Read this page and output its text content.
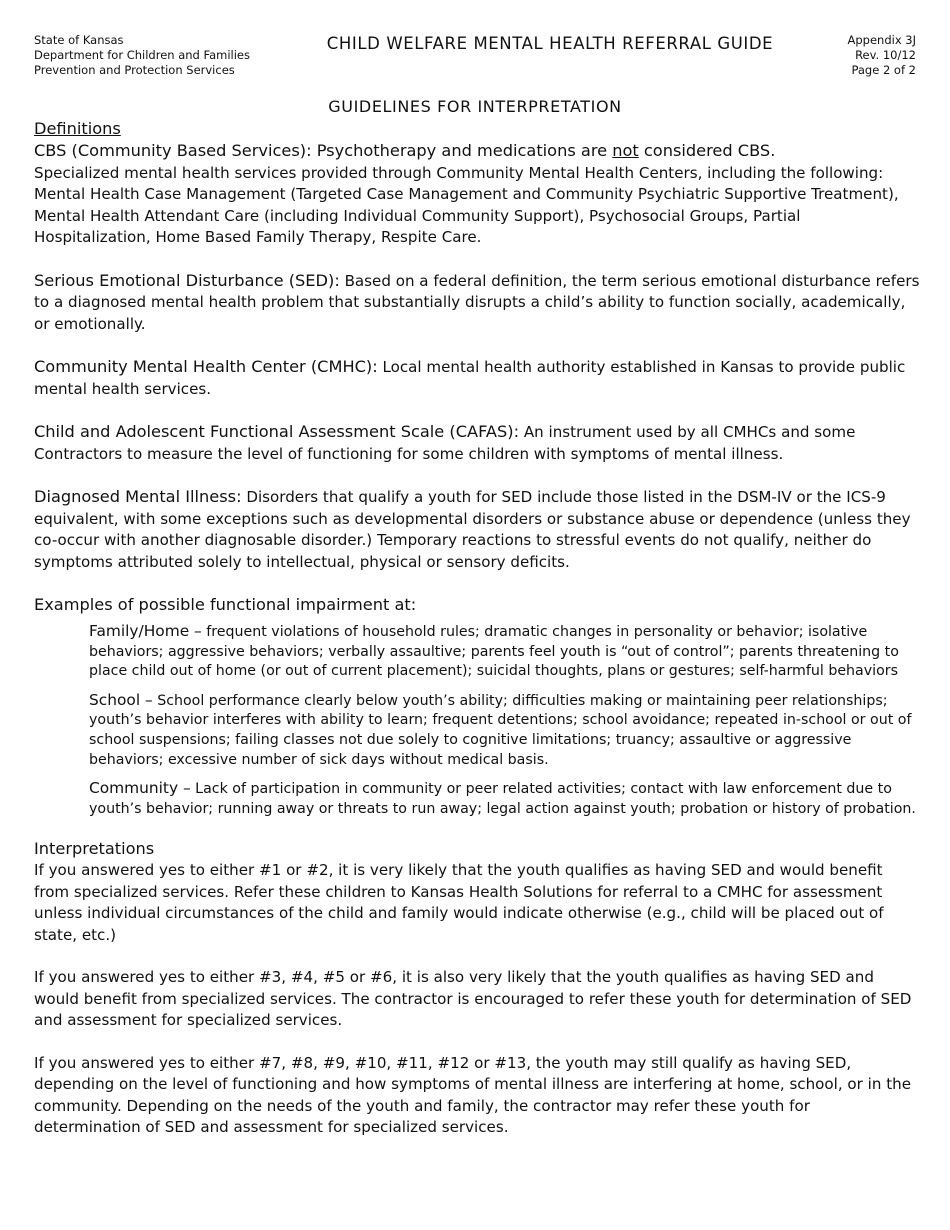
State of Kansas
Department for Children and Families
Prevention and Protection Services
CHILD WELFARE MENTAL HEALTH REFERRAL GUIDE	Appendix 3J
Rev. 10/12
Page 2 of 2
GUIDELINES FOR INTERPRETATION
Definitions

CBS (Community Based Services): Psychotherapy and medications are not considered CBS.
Specialized mental health services provided through Community Mental Health Centers, including the following: Mental Health Case Management (Targeted Case Management and Community Psychiatric Supportive Treatment), Mental Health Attendant Care (including Individual Community Support), Psychosocial Groups, Partial Hospitalization, Home Based Family Therapy, Respite Care.

Serious Emotional Disturbance (SED): Based on a federal definition, the term serious emotional disturbance refers to a diagnosed mental health problem that substantially disrupts a child’s ability to function socially, academically, or emotionally.

Community Mental Health Center (CMHC): Local mental health authority established in Kansas to provide public mental health services.

Child and Adolescent Functional Assessment Scale (CAFAS): An instrument used by all CMHCs and some Contractors to measure the level of functioning for some children with symptoms of mental illness.

Diagnosed Mental Illness: Disorders that qualify a youth for SED include those listed in the DSM-IV or the ICS-9 equivalent, with some exceptions such as developmental disorders or substance abuse or dependence (unless they co-occur with another diagnosable disorder.) Temporary reactions to stressful events do not qualify, neither do symptoms attributed solely to intellectual, physical or sensory deficits.

Examples of possible functional impairment at:

Family/Home – frequent violations of household rules; dramatic changes in personality or behavior; isolative behaviors; aggressive behaviors; verbally assaultive; parents feel youth is “out of control”; parents threatening to place child out of home (or out of current placement); suicidal thoughts, plans or gestures; self-harmful behaviors

School – School performance clearly below youth’s ability; difficulties making or maintaining peer relationships; youth’s behavior interferes with ability to learn; frequent detentions; school avoidance; repeated in-school or out of school suspensions; failing classes not due solely to cognitive limitations; truancy; assaultive or aggressive behaviors; excessive number of sick days without medical basis.

Community – Lack of participation in community or peer related activities; contact with law enforcement due to youth’s behavior; running away or threats to run away; legal action against youth; probation or history of probation.

Interpretations

If you answered yes to either #1 or #2, it is very likely that the youth qualifies as having SED and would benefit from specialized services. Refer these children to Kansas Health Solutions for referral to a CMHC for assessment unless individual circumstances of the child and family would indicate otherwise (e.g., child will be placed out of state, etc.)

If you answered yes to either #3, #4, #5 or #6, it is also very likely that the youth qualifies as having SED and would benefit from specialized services. The contractor is encouraged to refer these youth for determination of SED and assessment for specialized services.

If you answered yes to either #7, #8, #9, #10, #11, #12 or #13, the youth may still qualify as having SED, depending on the level of functioning and how symptoms of mental illness are interfering at home, school, or in the community. Depending on the needs of the youth and family, the contractor may refer these youth for determination of SED and assessment for specialized services.
